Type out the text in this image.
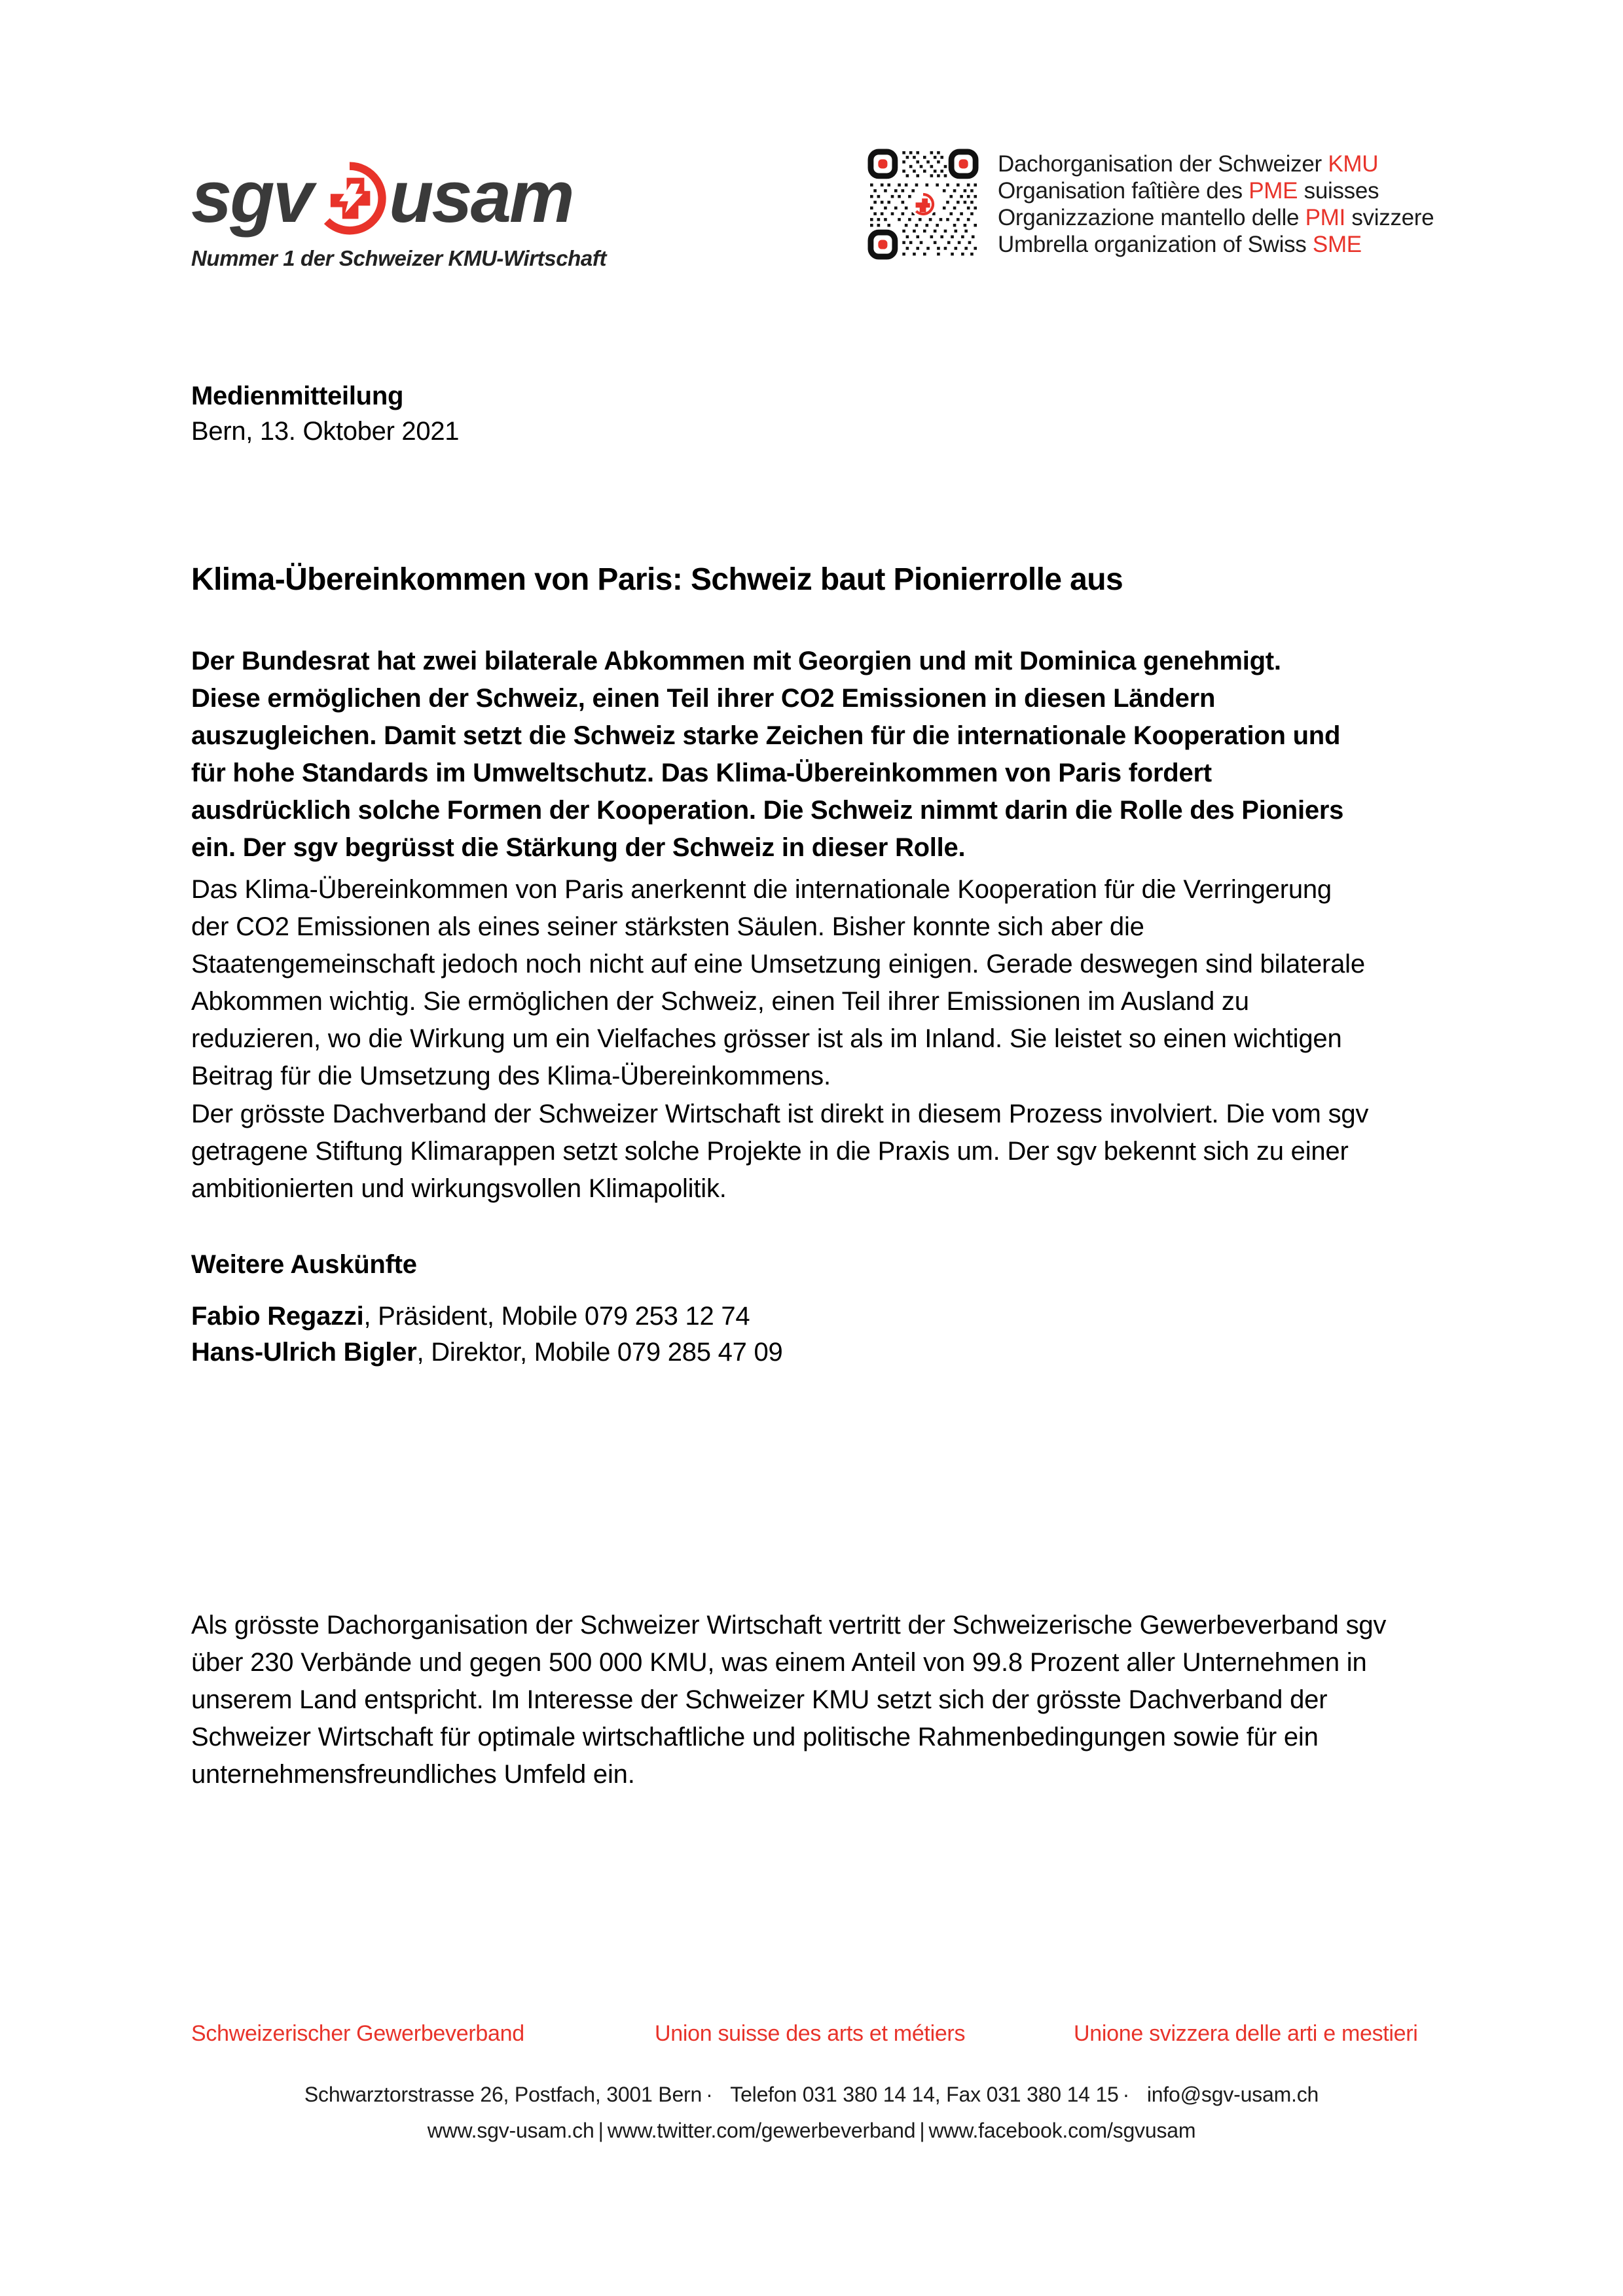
sgv usam
Nummer 1 der Schweizer KMU-Wirtschaft
Dachorganisation der Schweizer KMU
Organisation faîtière des PME suisses
Organizzazione mantello delle PMI svizzere
Umbrella organization of Swiss SME
Medienmitteilung
Bern, 13. Oktober 2021
Klima-Übereinkommen von Paris: Schweiz baut Pionierrolle aus

Der Bundesrat hat zwei bilaterale Abkommen mit Georgien und mit Dominica genehmigt. Diese ermöglichen der Schweiz, einen Teil ihrer CO2 Emissionen in diesen Ländern auszugleichen. Damit setzt die Schweiz starke Zeichen für die internationale Kooperation und für hohe Standards im Umweltschutz. Das Klima-Übereinkommen von Paris fordert ausdrücklich solche Formen der Kooperation. Die Schweiz nimmt darin die Rolle des Pioniers ein. Der sgv begrüsst die Stärkung der Schweiz in dieser Rolle.

Das Klima-Übereinkommen von Paris anerkennt die internationale Kooperation für die Verringerung der CO2 Emissionen als eines seiner stärksten Säulen. Bisher konnte sich aber die Staatengemeinschaft jedoch noch nicht auf eine Umsetzung einigen. Gerade deswegen sind bilaterale Abkommen wichtig. Sie ermöglichen der Schweiz, einen Teil ihrer Emissionen im Ausland zu reduzieren, wo die Wirkung um ein Vielfaches grösser ist als im Inland. Sie leistet so einen wichtigen Beitrag für die Umsetzung des Klima-Übereinkommens.

Der grösste Dachverband der Schweizer Wirtschaft ist direkt in diesem Prozess involviert. Die vom sgv getragene Stiftung Klimarappen setzt solche Projekte in die Praxis um. Der sgv bekennt sich zu einer ambitionierten und wirkungsvollen Klimapolitik.

Weitere Auskünfte
Fabio Regazzi, Präsident, Mobile 079 253 12 74
Hans-Ulrich Bigler, Direktor, Mobile 079 285 47 09

Als grösste Dachorganisation der Schweizer Wirtschaft vertritt der Schweizerische Gewerbeverband sgv über 230 Verbände und gegen 500 000 KMU, was einem Anteil von 99.8 Prozent aller Unternehmen in unserem Land entspricht. Im Interesse der Schweizer KMU setzt sich der grösste Dachverband der Schweizer Wirtschaft für optimale wirtschaftliche und politische Rahmenbedingungen sowie für ein unternehmensfreundliches Umfeld ein.

Schweizerischer Gewerbeverband	Union suisse des arts et métiers	Unione svizzera delle arti e mestieri
Schwarztorstrasse 26, Postfach, 3001 Bern · Telefon 031 380 14 14, Fax 031 380 14 15 · info@sgv-usam.ch
www.sgv-usam.ch | www.twitter.com/gewerbeverband | www.facebook.com/sgvusam
